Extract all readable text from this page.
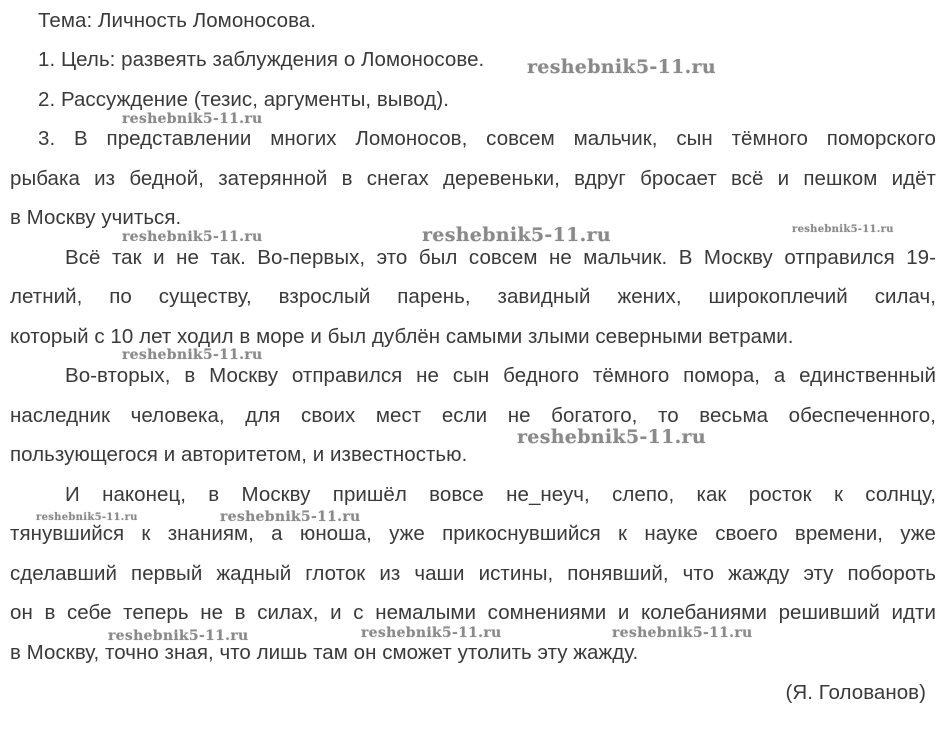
Тема: Личность Ломоносова.
1. Цель: развеять заблуждения о Ломоносове.
2. Рассуждение (тезис, аргументы, вывод).
3. В представлении многих Ломоносов, совсем мальчик, сын тёмного поморского
рыбака из бедной, затерянной в снегах деревеньки, вдруг бросает всё и пешком идёт
в Москву учиться.
Всё так и не так. Во-первых, это был совсем не мальчик. В Москву отправился 19-
летний, по существу, взрослый парень, завидный жених, широкоплечий силач,
который с 10 лет ходил в море и был дублён самыми злыми северными ветрами.
Во-вторых, в Москву отправился не сын бедного тёмного помора, а единственный
наследник человека, для своих мест если не богатого, то весьма обеспеченного,
пользующегося и авторитетом, и известностью.
И наконец, в Москву пришёл вовсе не_неуч, слепо, как росток к солнцу,
тянувшийся к знаниям, а юноша, уже прикоснувшийся к науке своего времени, уже
сделавший первый жадный глоток из чаши истины, понявший, что жажду эту побороть
он в себе теперь не в силах, и с немалыми сомнениями и колебаниями решивший идти
в Москву, точно зная, что лишь там он сможет утолить эту жажду.
(Я. Голованов)
reshebnik5-11.ru
reshebnik5-11.ru
reshebnik5-11.ru
reshebnik5-11.ru	reshebnik5-11.ru
reshebnik5-11.ru
reshebnik5-11.ru
reshebnik5-11.ru	reshebnik5-11.ru
reshebnik5-11.ru	reshebnik5-11.ru	reshebnik5-11.ru
